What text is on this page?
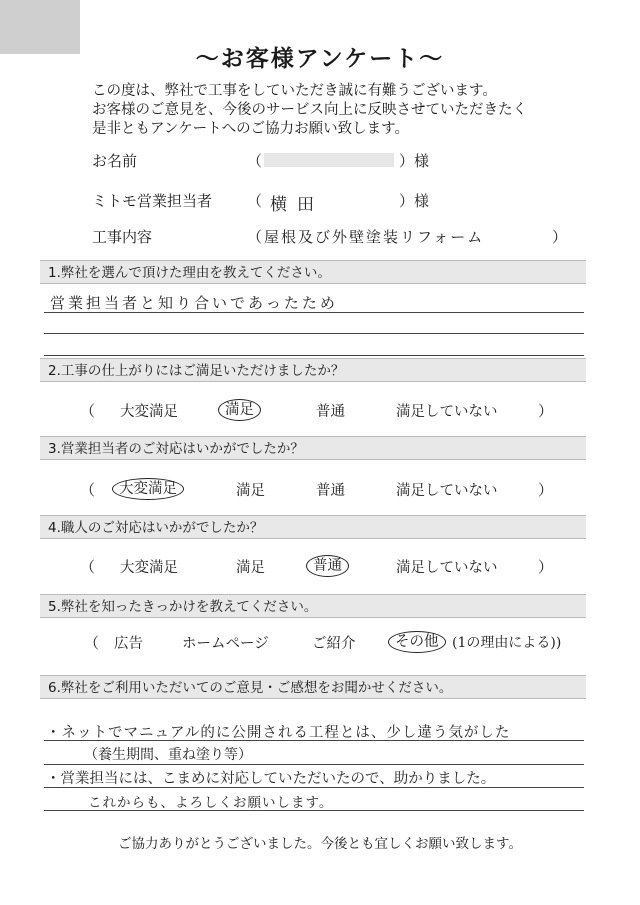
～お客様アンケート～
この度は、弊社で工事をしていただき誠に有難うございます。
お客様のご意見を、今後のサービス向上に反映させていただきたく
是非ともアンケートへのご協力お願い致します。
お名前	（	） 様
ミトモ営業担当者	（ 横田	） 様
工事内容	（ 屋根及び外壁塗装リフォーム	）
1.弊社を選んで頂けた理由を教えてください。
営業担当者と知り合いであったため
2.工事の仕上がりにはご満足いただけましたか？
（ 大変満足	満足	普通	満足していない	）
3.営業担当者のご対応はいかがでしたか？
（	大変満足	満足	普通	満足していない	）
4.職人のご対応はいかがでしたか？
（ 大変満足	満足	普通	満足していない	）
5.弊社を知ったきっかけを教えてください。
（ 広告	ホームページ	ご紹介	その他 (1の理由による))
6.弊社をご利用いただいてのご意見・ご感想をお聞かせください。
・ネットでマニュアル的に公開される工程とは、少し違う気がした
（養生期間、重ね塗り等）
・営業担当には、こまめに対応していただいたので、助かりました。
これからも、よろしくお願いします。
ご協力ありがとうございました。今後とも宜しくお願い致します。
